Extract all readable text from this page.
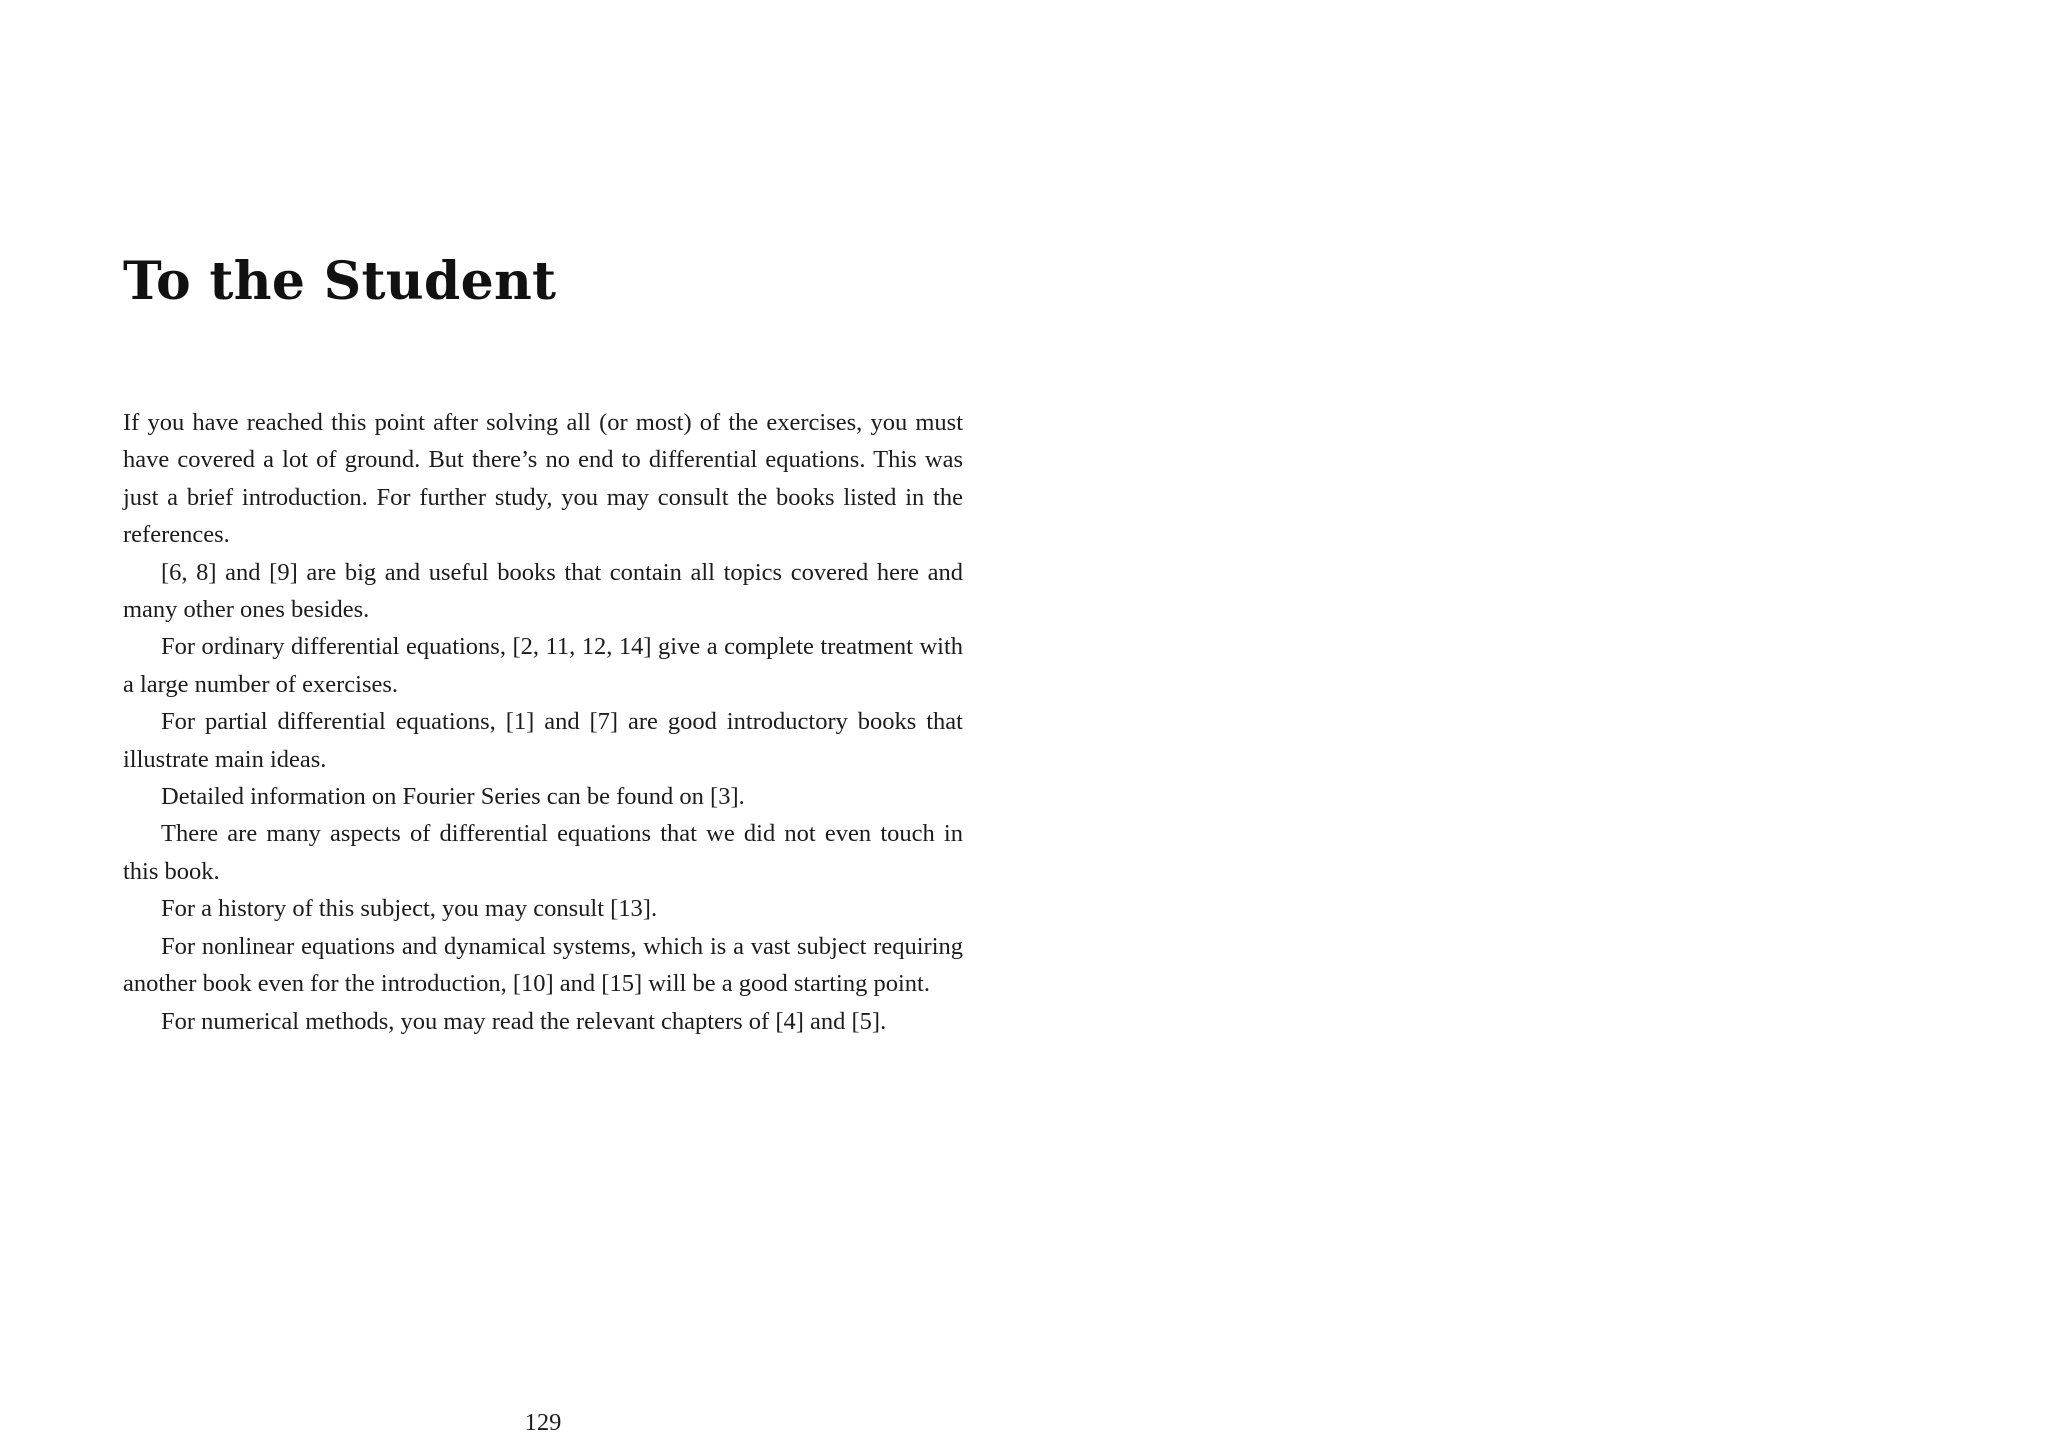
To the Student

If you have reached this point after solving all (or most) of the exercises, you must have covered a lot of ground. But there’s no end to differential equations. This was just a brief introduction. For further study, you may consult the books listed in the references.

[6, 8] and [9] are big and useful books that contain all topics covered here and many other ones besides.

For ordinary differential equations, [2, 11, 12, 14] give a complete treatment with a large number of exercises.

For partial differential equations, [1] and [7] are good introductory books that illustrate main ideas.

Detailed information on Fourier Series can be found on [3].

There are many aspects of differential equations that we did not even touch in this book.

For a history of this subject, you may consult [13].

For nonlinear equations and dynamical systems, which is a vast subject requiring another book even for the introduction, [10] and [15] will be a good starting point.

For numerical methods, you may read the relevant chapters of [4] and [5].

129
